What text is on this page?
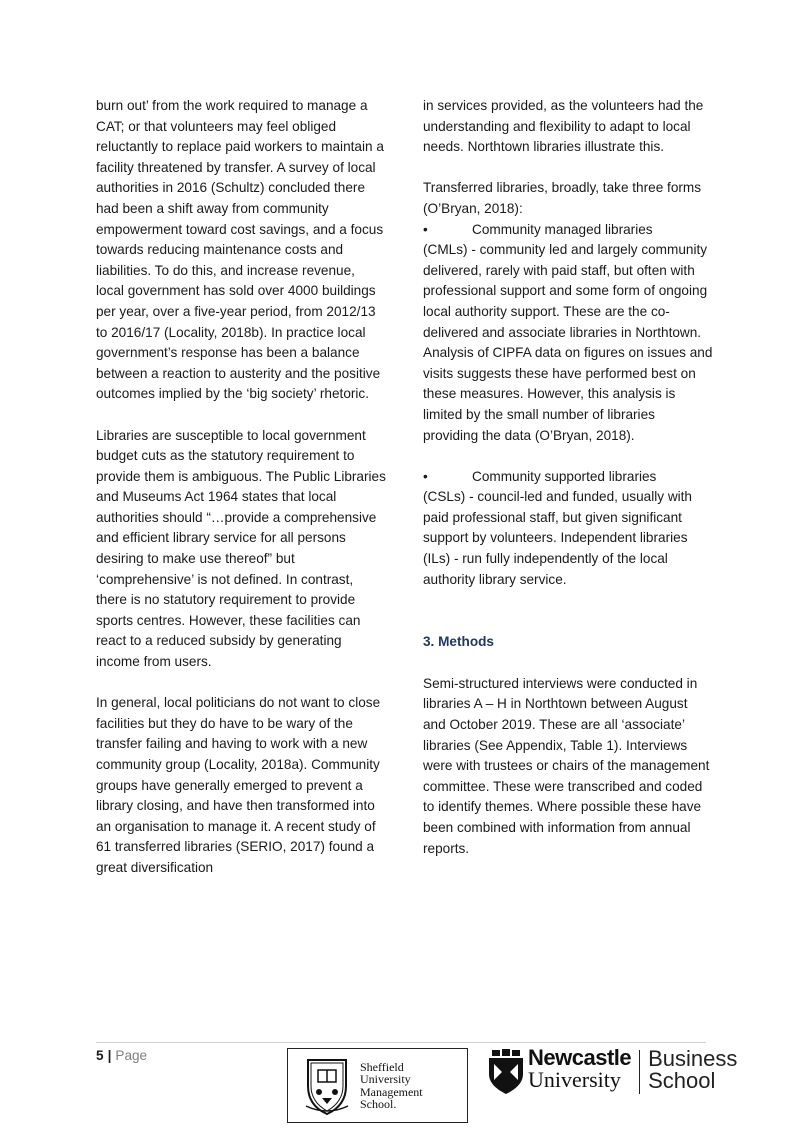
burn out’ from the work required to manage a CAT; or that volunteers may feel obliged reluctantly to replace paid workers to maintain a facility threatened by transfer. A survey of local authorities in 2016 (Schultz) concluded there had been a shift away from community empowerment toward cost savings, and a focus towards reducing maintenance costs and liabilities. To do this, and increase revenue, local government has sold over 4000 buildings per year, over a five-year period, from 2012/13 to 2016/17 (Locality, 2018b). In practice local government’s response has been a balance between a reaction to austerity and the positive outcomes implied by the ‘big society’ rhetoric.

Libraries are susceptible to local government budget cuts as the statutory requirement to provide them is ambiguous. The Public Libraries and Museums Act 1964 states that local authorities should “…provide a comprehensive and efficient library service for all persons desiring to make use thereof” but ‘comprehensive’ is not defined. In contrast, there is no statutory requirement to provide sports centres. However, these facilities can react to a reduced subsidy by generating income from users.

In general, local politicians do not want to close facilities but they do have to be wary of the transfer failing and having to work with a new community group (Locality, 2018a). Community groups have generally emerged to prevent a library closing, and have then transformed into an organisation to manage it. A recent study of 61 transferred libraries (SERIO, 2017) found a great diversification

in services provided, as the volunteers had the understanding and flexibility to adapt to local needs. Northtown libraries illustrate this.

Transferred libraries, broadly, take three forms (O’Bryan, 2018):

•	Community managed libraries

(CMLs) - community led and largely community delivered, rarely with paid staff, but often with professional support and some form of ongoing local authority support. These are the co-delivered and associate libraries in Northtown. Analysis of CIPFA data on figures on issues and visits suggests these have performed best on these measures. However, this analysis is limited by the small number of libraries providing the data (O’Bryan, 2018).

•	Community supported libraries

(CSLs) - council-led and funded, usually with paid professional staff, but given significant support by volunteers. Independent libraries (ILs) - run fully independently of the local authority library service.

3. Methods

Semi-structured interviews were conducted in libraries A – H in Northtown between August and October 2019. These are all ‘associate’ libraries (See Appendix, Table 1). Interviews were with trustees or chairs of the management committee. These were transcribed and coded to identify themes. Where possible these have been combined with information from annual reports.

5 | Page
Sheffield
University
Management
School.
Newcastle
University
Business
School
